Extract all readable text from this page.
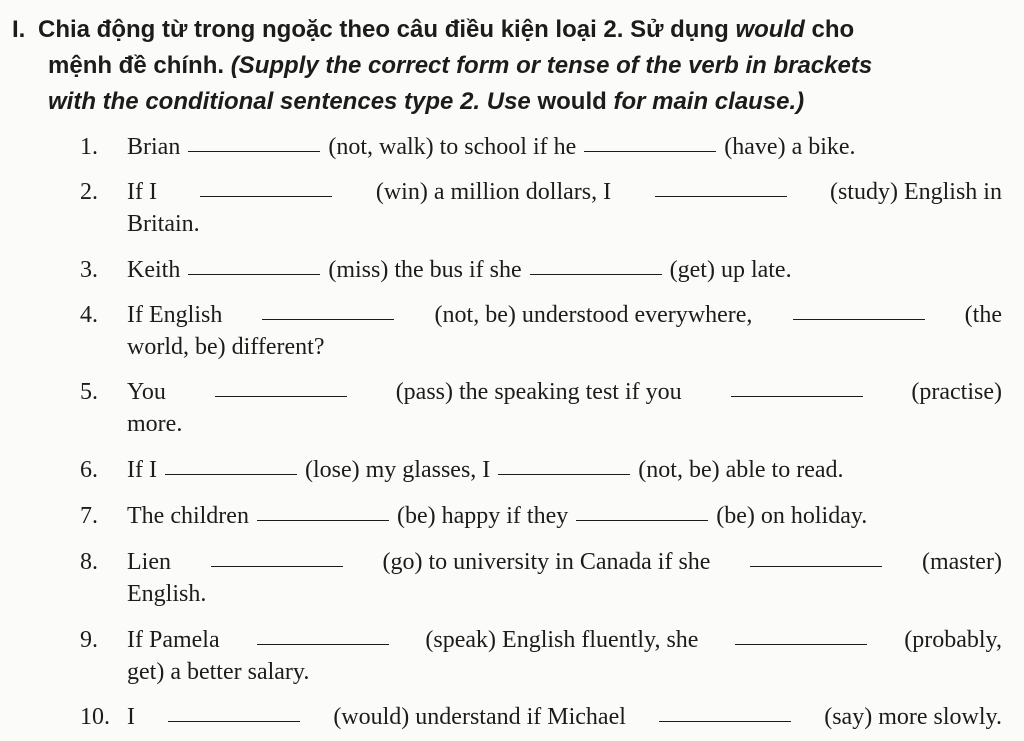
I. Chia động từ trong ngoặc theo câu điều kiện loại 2. Sử dụng would cho
mệnh đề chính. (Supply the correct form or tense of the verb in brackets
with the conditional sentences type 2. Use would for main clause.)
1. Brian	(not, walk) to school if he	(have) a bike.
2. If I	(win) a million dollars, I	(study) English in
Britain.
3. Keith	(miss) the bus if she	(get) up late.
4. If English	(not, be) understood everywhere,	(the
world, be) different?
5. You	(pass) the speaking test if you	(practise)
more.
6. If I	(lose) my glasses, I	(not, be) able to read.
7. The children	(be) happy if they	(be) on holiday.
8. Lien	(go) to university in Canada if she	(master)
English.
9. If Pamela	(speak) English fluently, she	(probably,
get) a better salary.
10. I	(would) understand if Michael	(say) more slowly.
